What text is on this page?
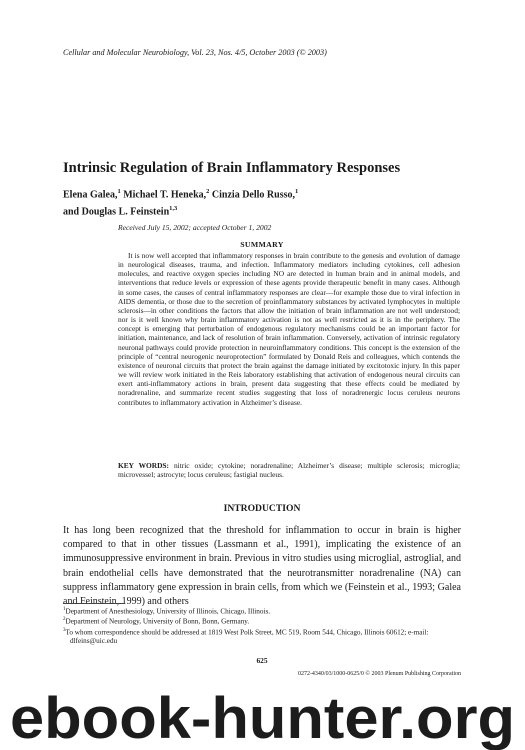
Cellular and Molecular Neurobiology, Vol. 23, Nos. 4/5, October 2003 (© 2003)
Intrinsic Regulation of Brain Inflammatory Responses
Elena Galea,$^1$ Michael T. Heneka,$^2$ Cinzia Dello Russo,$^1$
and Douglas L. Feinstein$^{1,3}$
Received July 15, 2002; accepted October 1, 2002
SUMMARY

It is now well accepted that inflammatory responses in brain contribute to the genesis and evolution of damage in neurological diseases, trauma, and infection. Inflammatory mediators including cytokines, cell adhesion molecules, and reactive oxygen species including NO are detected in human brain and in animal models, and interventions that reduce levels or expression of these agents provide therapeutic benefit in many cases. Although in some cases, the causes of central inflammatory responses are clear—for example those due to viral infection in AIDS dementia, or those due to the secretion of proinflammatory substances by activated lymphocytes in multiple sclerosis—in other conditions the factors that allow the initiation of brain inflammation are not well understood; nor is it well known why brain inflammatory activation is not as well restricted as it is in the periphery. The concept is emerging that perturbation of endogenous regulatory mechanisms could be an important factor for initiation, maintenance, and lack of resolution of brain inflammation. Conversely, activation of intrinsic regulatory neuronal pathways could provide protection in neuroinflammatory conditions. This concept is the extension of the principle of “central neurogenic neuroprotection” formulated by Donald Reis and colleagues, which contends the existence of neuronal circuits that protect the brain against the damage initiated by excitotoxic injury. In this paper we will review work initiated in the Reis laboratory establishing that activation of endogenous neural circuits can exert anti-inflammatory actions in brain, present data suggesting that these effects could be mediated by noradrenaline, and summarize recent studies suggesting that loss of noradrenergic locus ceruleus neurons contributes to inflammatory activation in Alzheimer’s disease.

KEY WORDS: nitric oxide; cytokine; noradrenaline; Alzheimer’s disease; multiple sclerosis; microglia; microvessel; astrocyte; locus ceruleus; fastigial nucleus.
INTRODUCTION

It has long been recognized that the threshold for inflammation to occur in brain is higher compared to that in other tissues (Lassmann et al., 1991), implicating the existence of an immunosuppressive environment in brain. Previous in vitro studies using microglial, astroglial, and brain endothelial cells have demonstrated that the neurotransmitter noradrenaline (NA) can suppress inflammatory gene expression in brain cells, from which we (Feinstein et al., 1993; Galea and Feinstein, 1999) and others

$^1$Department of Anesthesiology, University of Illinois, Chicago, Illinois.
$^2$Department of Neurology, University of Bonn, Bonn, Germany.
$^3$To whom correspondence should be addressed at 1819 West Polk Street, MC 519, Room 544, Chicago, Illinois 60612; e-mail: dlfeins@uic.edu
625
0272-4340/03/1000-0625/0 © 2003 Plenum Publishing Corporation
ebook-hunter.org
